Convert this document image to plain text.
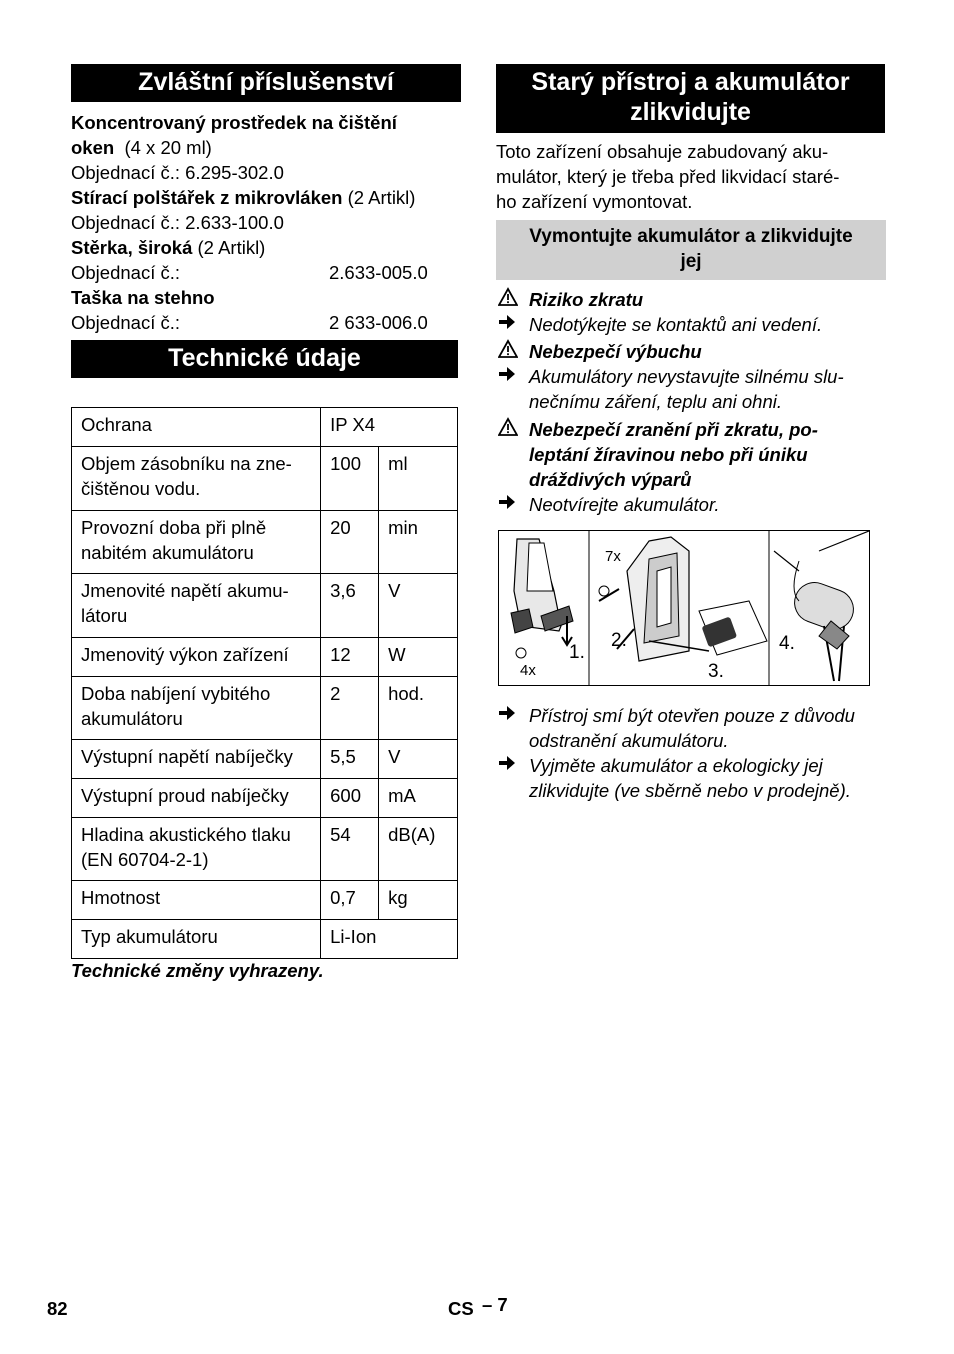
Zvláštní příslušenství
Koncentrovaný prostředek na čištění
oken (4 x 20 ml)
Objednací č.: 6.295-302.0
Stírací polštářek z mikrovláken (2 Artikl)
Objednací č.: 2.633-100.0
Stěrka, široká (2 Artikl)
Objednací č.:	2.633-005.0
Taška na stehno
Objednací č.:	2 633-006.0
Technické údaje
Ochrana	IP X4	
Objem zásobníku na zne-čištěnou vodu.	100	ml
Provozní doba při plně nabitém akumulátoru	20	min
Jmenovité napětí akumu-látoru	3,6	V
Jmenovitý výkon zařízení	12	W
Doba nabíjení vybitého akumulátoru	2	hod.
Výstupní napětí nabíječky	5,5	V
Výstupní proud nabíječky	600	mA
Hladina akustického tlaku (EN 60704-2-1)	54	dB(A)
Hmotnost	0,7	kg
Typ akumulátoru	Li-Ion	
Technické změny vyhrazeny.
Starý přístroj a akumulátor
zlikvidujte
Toto zařízení obsahuje zabudovaný aku-
mulátor, který je třeba před likvidací staré-
ho zařízení vymontovat.
Vymontujte akumulátor a zlikvidujte
jej
Riziko zkratu
Nedotýkejte se kontaktů ani vedení.
Nebezpečí výbuchu
Akumulátory nevystavujte silnému slu-
nečnímu záření, teplu ani ohni.
Nebezpečí zranění při zkratu, po-
leptání žíravinou nebo při úniku
dráždivých výparů
Neotvírejte akumulátor.
7x
4x
1.
2.
3.
4.
Přístroj smí být otevřen pouze z důvodu
odstranění akumulátoru.
Vyjměte akumulátor a ekologicky jej
zlikvidujte (ve sběrně nebo v prodejně).
82	CS – 7
